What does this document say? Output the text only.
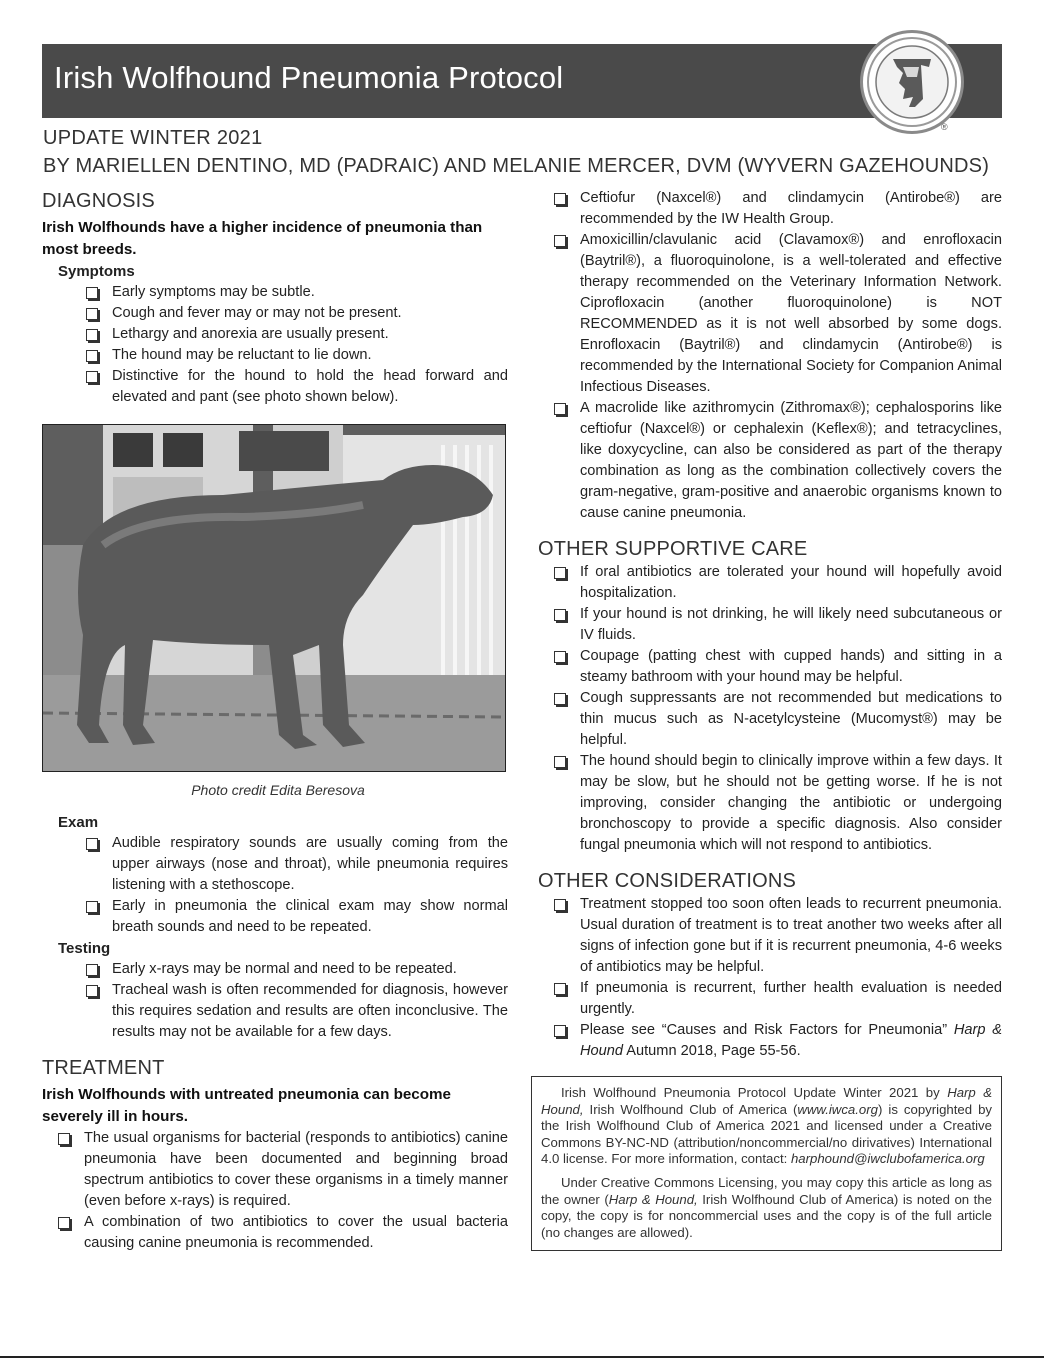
Irish Wolfhound Pneumonia Protocol
®
UPDATE WINTER 2021
BY MARIELLEN DENTINO, MD (PADRAIC) AND MELANIE MERCER, DVM (WYVERN GAZEHOUNDS)
DIAGNOSIS
Irish Wolfhounds have a higher incidence of pneumonia than most breeds.
Symptoms
Early symptoms may be subtle.
Cough and fever may or may not be present.
Lethargy and anorexia are usually present.
The hound may be reluctant to lie down.
Distinctive for the hound to hold the head forward and elevated and pant (see photo shown below).
Photo credit Edita Beresova
Exam
Audible respiratory sounds are usually coming from the upper airways (nose and throat), while pneumonia requires listening with a stethoscope.
Early in pneumonia the clinical exam may show normal breath sounds and need to be repeated.
Testing
Early x-rays may be normal and need to be repeated.
Tracheal wash is often recommended for diagnosis, however this requires sedation and results are often inconclusive. The results may not be available for a few days.
TREATMENT
Irish Wolfhounds with untreated pneumonia can become severely ill in hours.
The usual organisms for bacterial (responds to antibiotics) canine pneumonia have been documented and beginning broad spectrum antibiotics to cover these organisms in a timely manner (even before x-rays) is required.
A combination of two antibiotics to cover the usual bacteria causing canine pneumonia is recommended.
Ceftiofur (Naxcel®) and clindamycin (Antirobe®) are recommended by the IW Health Group.
Amoxicillin/clavulanic acid (Clavamox®) and enrofloxacin (Baytril®), a fluoroquinolone, is a well-tolerated and effective therapy recommended on the Veterinary Information Network. Ciprofloxacin (another fluoroquinolone) is NOT RECOMMENDED as it is not well absorbed by some dogs. Enrofloxacin (Baytril®) and clindamycin (Antirobe®) is recommended by the International Society for Companion Animal Infectious Diseases.
A macrolide like azithromycin (Zithromax®); cephalosporins like ceftiofur (Naxcel®) or cephalexin (Keflex®); and tetracyclines, like doxycycline, can also be considered as part of the therapy combination as long as the combination collectively covers the gram-negative, gram-positive and anaerobic organisms known to cause canine pneumonia.
OTHER SUPPORTIVE CARE
If oral antibiotics are tolerated your hound will hopefully avoid hospitalization.
If your hound is not drinking, he will likely need subcutaneous or IV fluids.
Coupage (patting chest with cupped hands) and sitting in a steamy bathroom with your hound may be helpful.
Cough suppressants are not recommended but medications to thin mucus such as N-acetylcysteine (Mucomyst®) may be helpful.
The hound should begin to clinically improve within a few days. It may be slow, but he should not be getting worse. If he is not improving, consider changing the antibiotic or undergoing bronchoscopy to provide a specific diagnosis. Also consider fungal pneumonia which will not respond to antibiotics.
OTHER CONSIDERATIONS
Treatment stopped too soon often leads to recurrent pneumonia. Usual duration of treatment is to treat another two weeks after all signs of infection gone but if it is recurrent pneumonia, 4-6 weeks of antibiotics may be helpful.
If pneumonia is recurrent, further health evaluation is needed urgently.
Please see “Causes and Risk Factors for Pneumonia” Harp & Hound Autumn 2018, Page 55-56.

Irish Wolfhound Pneumonia Protocol Update Winter 2021 by Harp & Hound, Irish Wolfhound Club of America (www.iwca.org) is copyrighted by the Irish Wolfhound Club of America 2021 and licensed under a Creative Commons BY-NC-ND (attribution/noncommercial/no dirivatives) International 4.0 license. For more information, contact: harphound@iwclubofamerica.org

Under Creative Commons Licensing, you may copy this article as long as the owner (Harp & Hound, Irish Wolfhound Club of America) is noted on the copy, the copy is for noncommercial uses and the copy is of the full article (no changes are allowed).
